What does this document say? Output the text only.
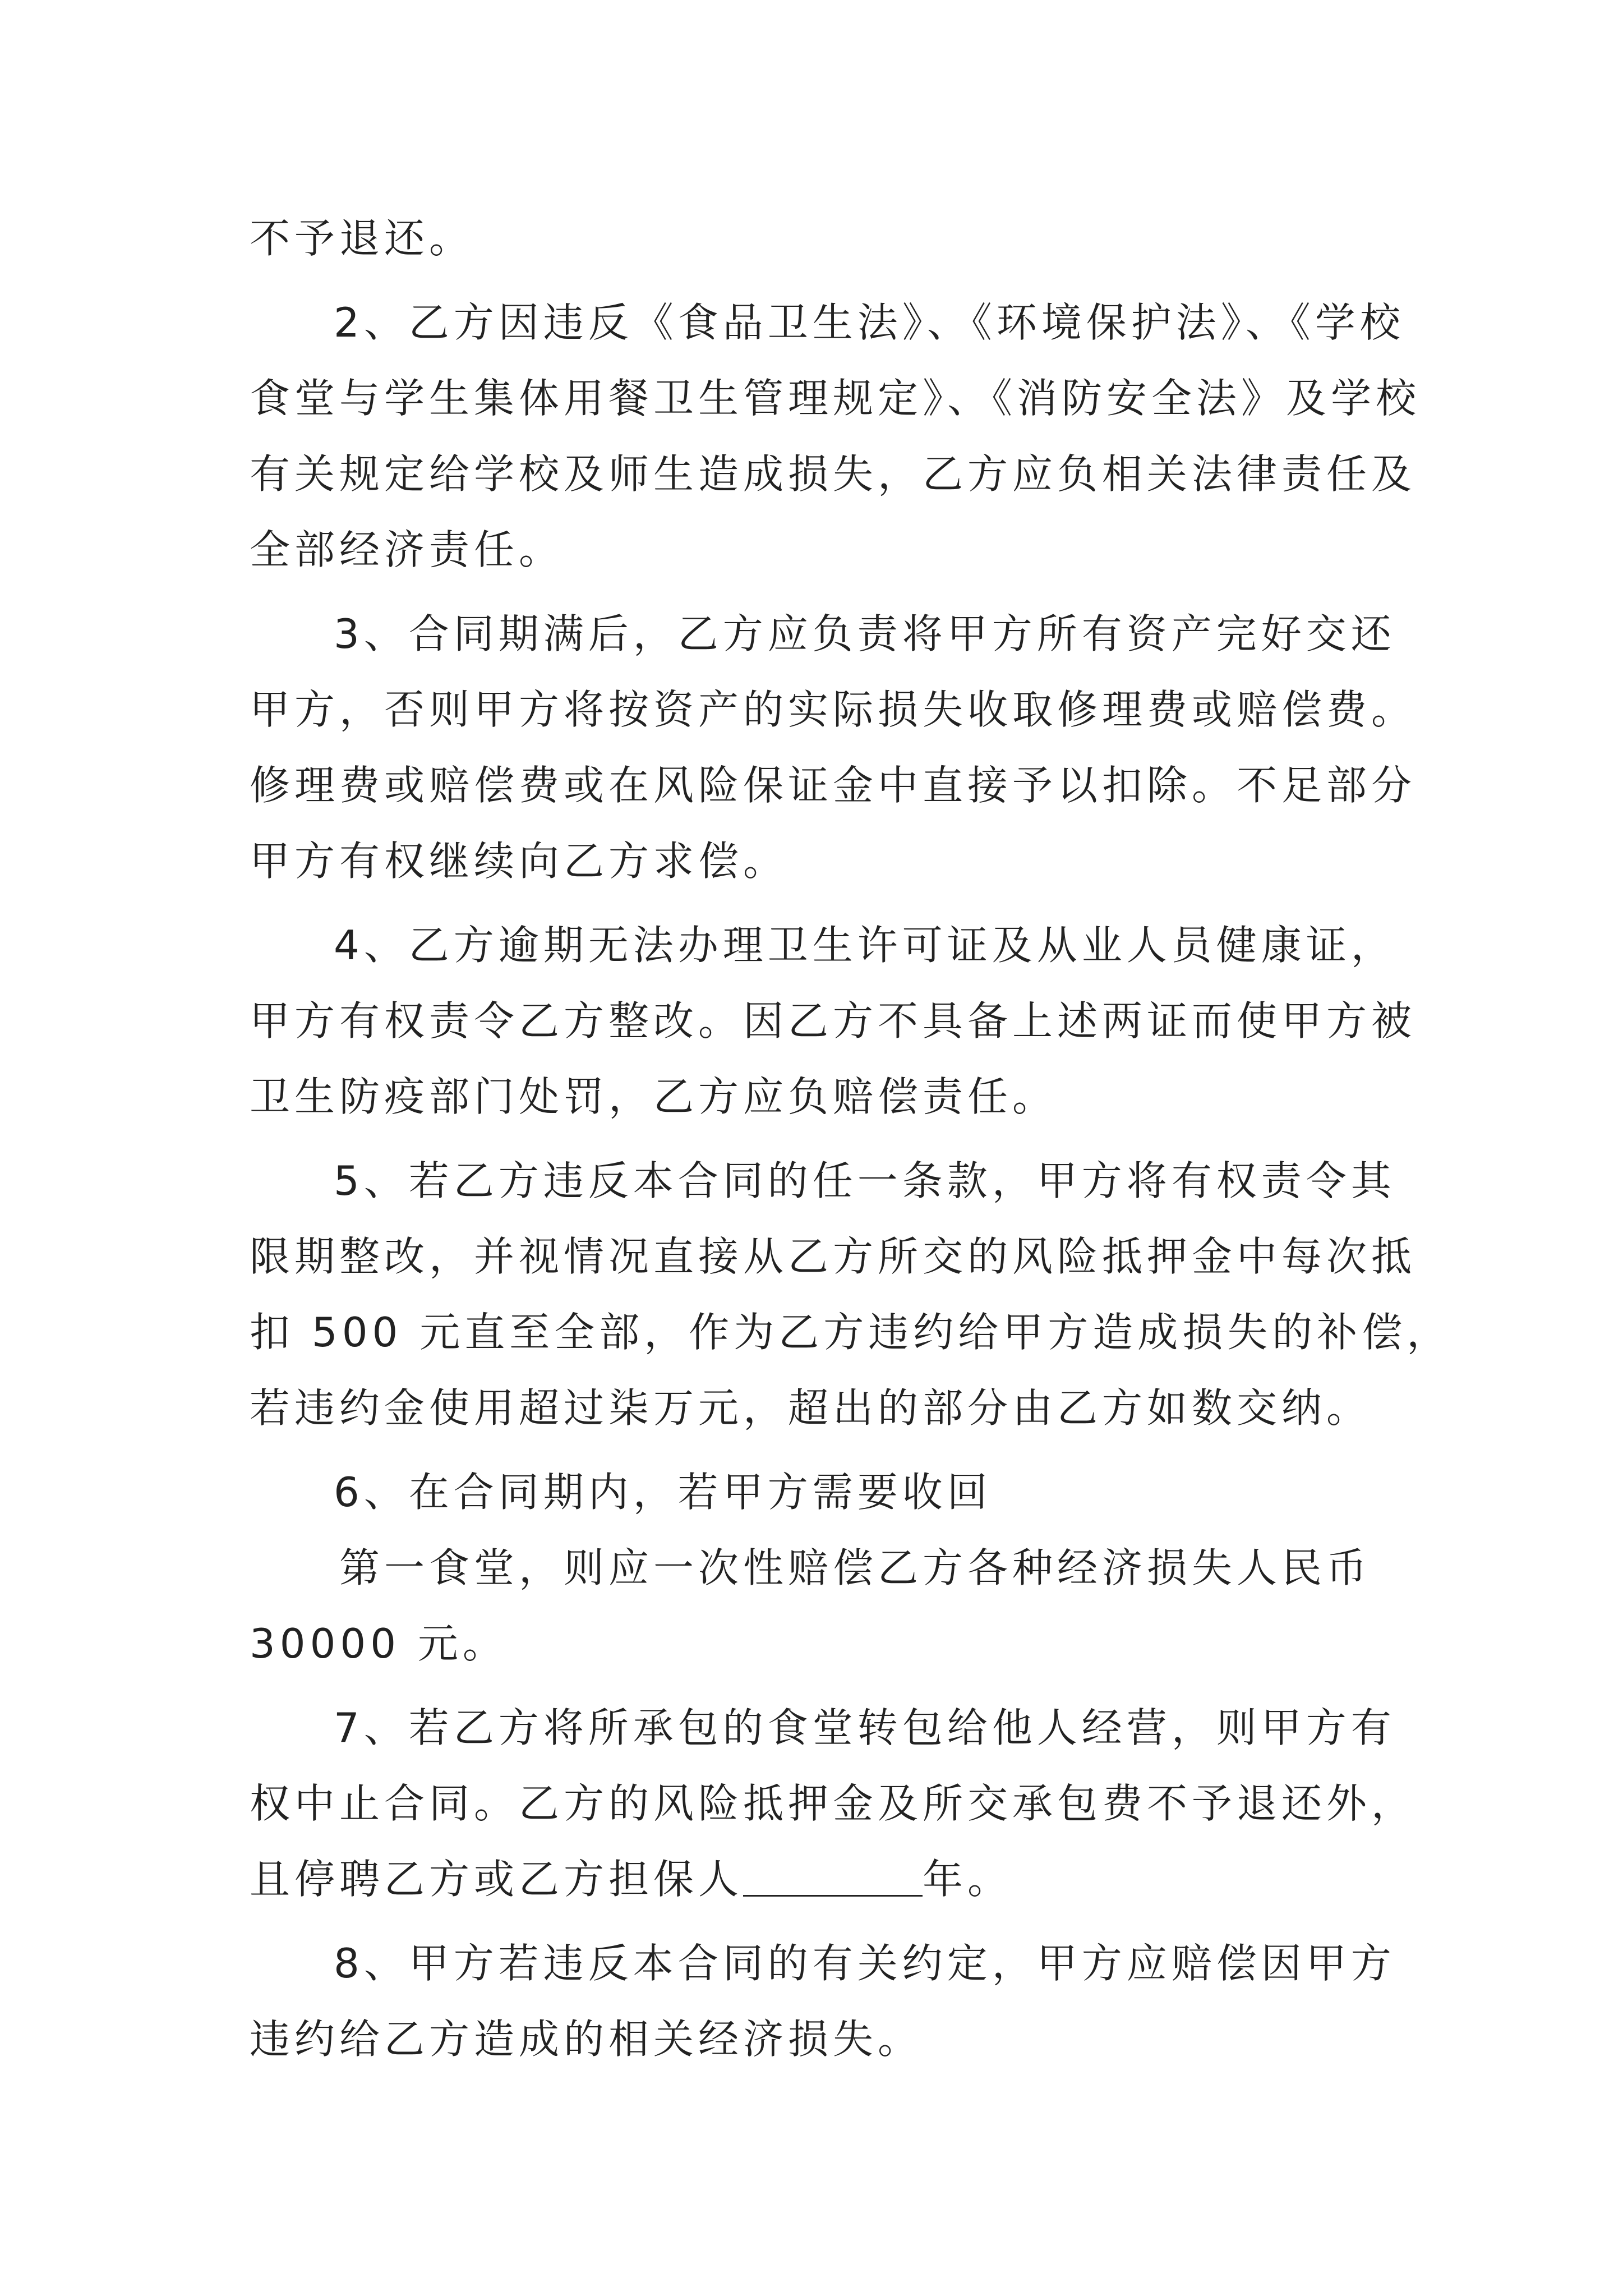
不予退还。
2、乙方因违反《食品卫生法》、《环境保护法》、《学校
食堂与学生集体用餐卫生管理规定》、《消防安全法》及学校
有关规定给学校及师生造成损失，乙方应负相关法律责任及
全部经济责任。
3、合同期满后，乙方应负责将甲方所有资产完好交还
甲方，否则甲方将按资产的实际损失收取修理费或赔偿费。
修理费或赔偿费或在风险保证金中直接予以扣除。不足部分
甲方有权继续向乙方求偿。
4、乙方逾期无法办理卫生许可证及从业人员健康证，
甲方有权责令乙方整改。因乙方不具备上述两证而使甲方被
卫生防疫部门处罚，乙方应负赔偿责任。
5、若乙方违反本合同的任一条款，甲方将有权责令其
限期整改，并视情况直接从乙方所交的风险抵押金中每次抵
扣 500 元直至全部，作为乙方违约给甲方造成损失的补偿，
若违约金使用超过柒万元，超出的部分由乙方如数交纳。
6、在合同期内，若甲方需要收回
第一食堂，则应一次性赔偿乙方各种经济损失人民币
30000 元。
7、若乙方将所承包的食堂转包给他人经营，则甲方有
权中止合同。乙方的风险抵押金及所交承包费不予退还外，
且停聘乙方或乙方担保人	年。
8、甲方若违反本合同的有关约定，甲方应赔偿因甲方
违约给乙方造成的相关经济损失。
